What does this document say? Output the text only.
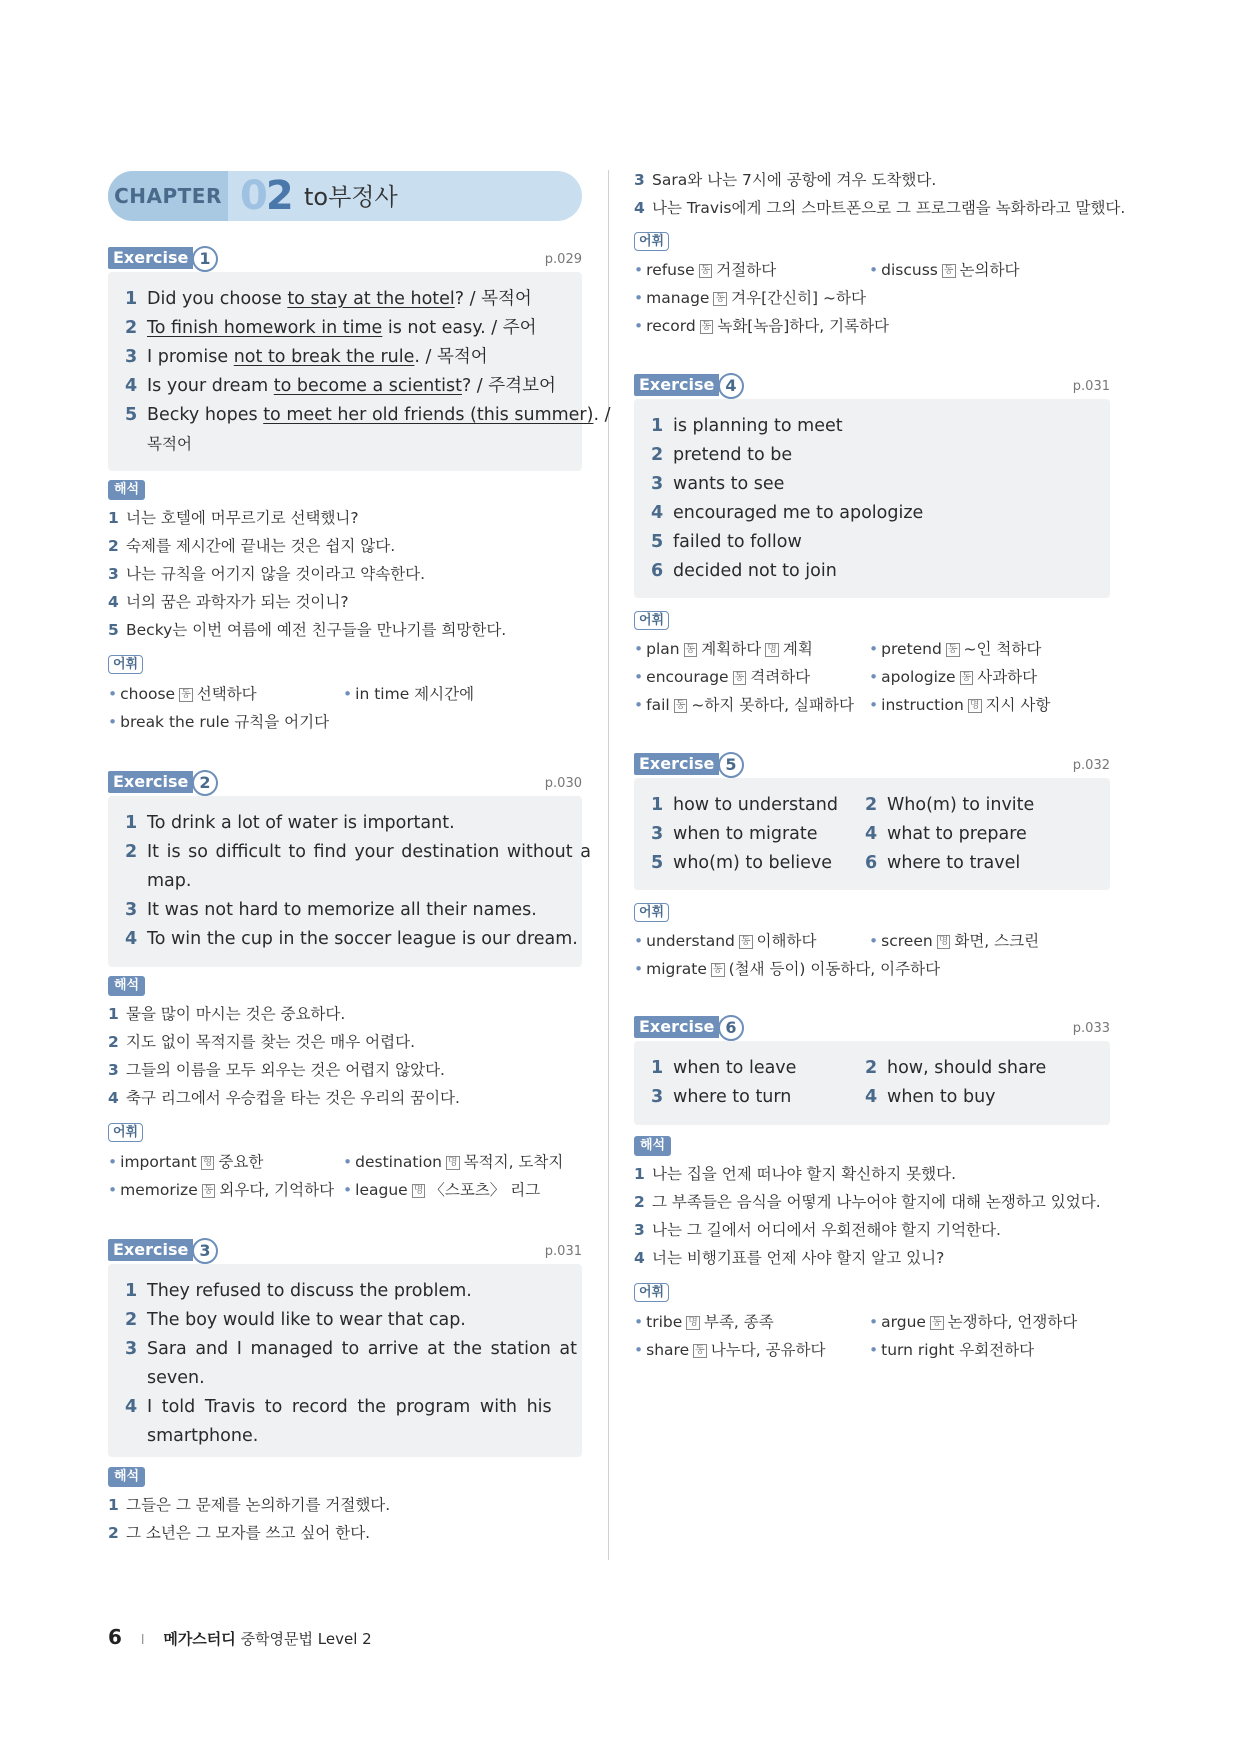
CHAPTER 02 to부정사
Exercise 1	p.029
1 Did you choose to stay at the hotel? / 목적어
2 To finish homework in time is not easy. / 주어
3 I promise not to break the rule. / 목적어
4 Is your dream to become a scientist? / 주격보어
5 Becky hopes to meet her old friends (this summer). /
목적어
해석
1 너는 호텔에 머무르기로 선택했니?
2 숙제를 제시간에 끝내는 것은 쉽지 않다.
3 나는 규칙을 어기지 않을 것이라고 약속한다.
4 너의 꿈은 과학자가 되는 것이니?
5 Becky는 이번 여름에 예전 친구들을 만나기를 희망한다.
어휘
• choose 동 선택하다	• in time 제시간에
• break the rule 규칙을 어기다
Exercise 2	p.030
1 To drink a lot of water is important.
2 It is so difficult to find your destination without a
map.
3 It was not hard to memorize all their names.
4 To win the cup in the soccer league is our dream.
해석
1 물을 많이 마시는 것은 중요하다.
2 지도 없이 목적지를 찾는 것은 매우 어렵다.
3 그들의 이름을 모두 외우는 것은 어렵지 않았다.
4 축구 리그에서 우승컵을 타는 것은 우리의 꿈이다.
어휘
• important 형 중요한	• destination 명 목적지, 도착지
• memorize 동 외우다, 기억하다 • league 명 〈스포츠〉 리그
Exercise 3	p.031
1 They refused to discuss the problem.
2 The boy would like to wear that cap.
3 Sara and I managed to arrive at the station at
seven.
4 I told Travis to record the program with his
smartphone.
해석
1 그들은 그 문제를 논의하기를 거절했다.
2 그 소년은 그 모자를 쓰고 싶어 한다.
3 Sara와 나는 7시에 공항에 겨우 도착했다.
4 나는 Travis에게 그의 스마트폰으로 그 프로그램을 녹화하라고 말했다.
어휘
• refuse 동 거절하다	• discuss 동 논의하다
• manage 동 겨우[간신히] ~하다
• record 동 녹화[녹음]하다, 기록하다
Exercise 4	p.031
1 is planning to meet
2 pretend to be
3 wants to see
4 encouraged me to apologize
5 failed to follow
6 decided not to join
어휘
• plan 동 계획하다 명 계획	• pretend 동 ~인 척하다
• encourage 동 격려하다	• apologize 동 사과하다
• fail 동 ~하지 못하다, 실패하다 • instruction 명 지시 사항
Exercise 5	p.032
1 how to understand 2 Who(m) to invite
3 when to migrate	4 what to prepare
5 who(m) to believe 6 where to travel
어휘
• understand 동 이해하다	• screen 명 화면, 스크린
• migrate 동 (철새 등이) 이동하다, 이주하다
Exercise 6	p.033
1 when to leave	2 how, should share
3 where to turn	4 when to buy
해석
1 나는 집을 언제 떠나야 할지 확신하지 못했다.
2 그 부족들은 음식을 어떻게 나누어야 할지에 대해 논쟁하고 있었다.
3 나는 그 길에서 어디에서 우회전해야 할지 기억한다.
4 너는 비행기표를 언제 사야 할지 알고 있니?
어휘
• tribe 명 부족, 종족	• argue 동 논쟁하다, 언쟁하다
• share 동 나누다, 공유하다	• turn right 우회전하다
6 I 메가스터디 중학영문법 Level 2
